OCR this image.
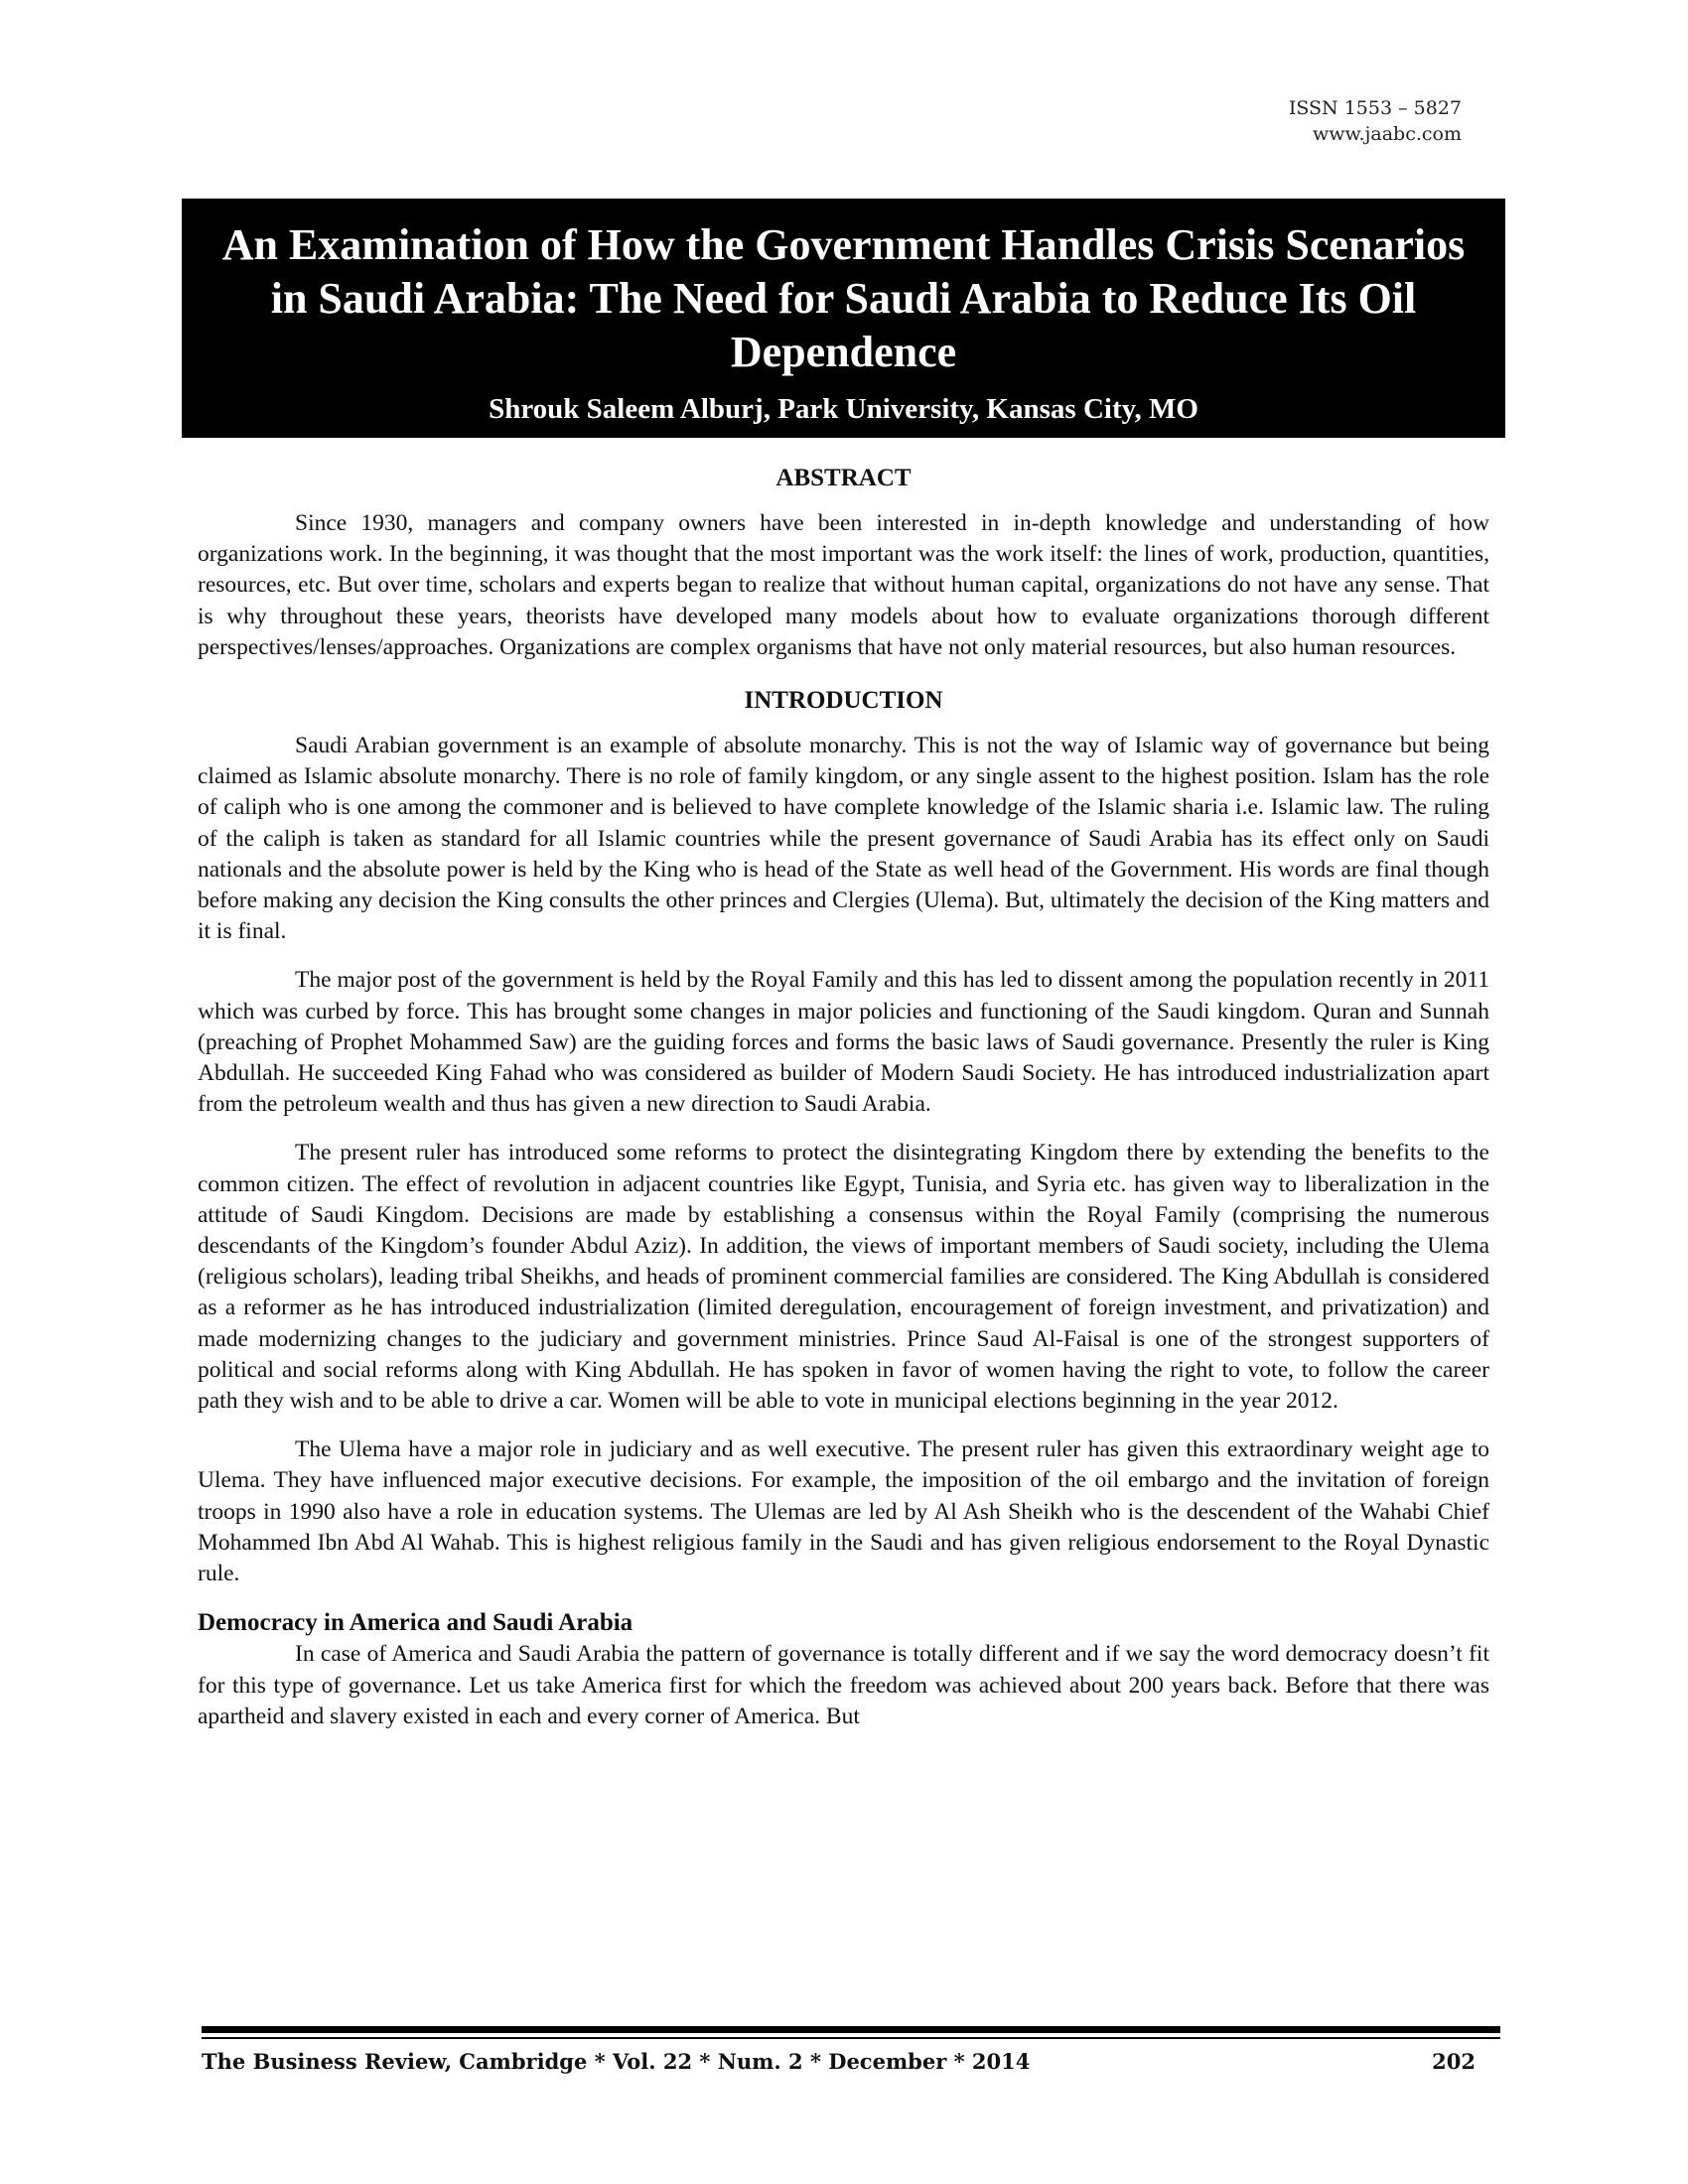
ISSN 1553 – 5827
www.jaabc.com
An Examination of How the Government Handles Crisis Scenarios in Saudi Arabia: The Need for Saudi Arabia to Reduce Its Oil Dependence
Shrouk Saleem Alburj, Park University, Kansas City, MO
ABSTRACT

Since 1930, managers and company owners have been interested in in-depth knowledge and understanding of how organizations work. In the beginning, it was thought that the most important was the work itself: the lines of work, production, quantities, resources, etc. But over time, scholars and experts began to realize that without human capital, organizations do not have any sense. That is why throughout these years, theorists have developed many models about how to evaluate organizations thorough different perspectives/lenses/approaches. Organizations are complex organisms that have not only material resources, but also human resources.

INTRODUCTION

Saudi Arabian government is an example of absolute monarchy. This is not the way of Islamic way of governance but being claimed as Islamic absolute monarchy. There is no role of family kingdom, or any single assent to the highest position. Islam has the role of caliph who is one among the commoner and is believed to have complete knowledge of the Islamic sharia i.e. Islamic law. The ruling of the caliph is taken as standard for all Islamic countries while the present governance of Saudi Arabia has its effect only on Saudi nationals and the absolute power is held by the King who is head of the State as well head of the Government. His words are final though before making any decision the King consults the other princes and Clergies (Ulema). But, ultimately the decision of the King matters and it is final.

The major post of the government is held by the Royal Family and this has led to dissent among the population recently in 2011 which was curbed by force. This has brought some changes in major policies and functioning of the Saudi kingdom. Quran and Sunnah (preaching of Prophet Mohammed Saw) are the guiding forces and forms the basic laws of Saudi governance. Presently the ruler is King Abdullah. He succeeded King Fahad who was considered as builder of Modern Saudi Society. He has introduced industrialization apart from the petroleum wealth and thus has given a new direction to Saudi Arabia.

The present ruler has introduced some reforms to protect the disintegrating Kingdom there by extending the benefits to the common citizen. The effect of revolution in adjacent countries like Egypt, Tunisia, and Syria etc. has given way to liberalization in the attitude of Saudi Kingdom. Decisions are made by establishing a consensus within the Royal Family (comprising the numerous descendants of the Kingdom’s founder Abdul Aziz). In addition, the views of important members of Saudi society, including the Ulema (religious scholars), leading tribal Sheikhs, and heads of prominent commercial families are considered. The King Abdullah is considered as a reformer as he has introduced industrialization (limited deregulation, encouragement of foreign investment, and privatization) and made modernizing changes to the judiciary and government ministries. Prince Saud Al-Faisal is one of the strongest supporters of political and social reforms along with King Abdullah. He has spoken in favor of women having the right to vote, to follow the career path they wish and to be able to drive a car. Women will be able to vote in municipal elections beginning in the year 2012.

The Ulema have a major role in judiciary and as well executive. The present ruler has given this extraordinary weight age to Ulema. They have influenced major executive decisions. For example, the imposition of the oil embargo and the invitation of foreign troops in 1990 also have a role in education systems. The Ulemas are led by Al Ash Sheikh who is the descendent of the Wahabi Chief Mohammed Ibn Abd Al Wahab. This is highest religious family in the Saudi and has given religious endorsement to the Royal Dynastic rule.

Democracy in America and Saudi Arabia

In case of America and Saudi Arabia the pattern of governance is totally different and if we say the word democracy doesn’t fit for this type of governance. Let us take America first for which the freedom was achieved about 200 years back. Before that there was apartheid and slavery existed in each and every corner of America. But

The Business Review, Cambridge * Vol. 22 * Num. 2 * December * 2014	202
